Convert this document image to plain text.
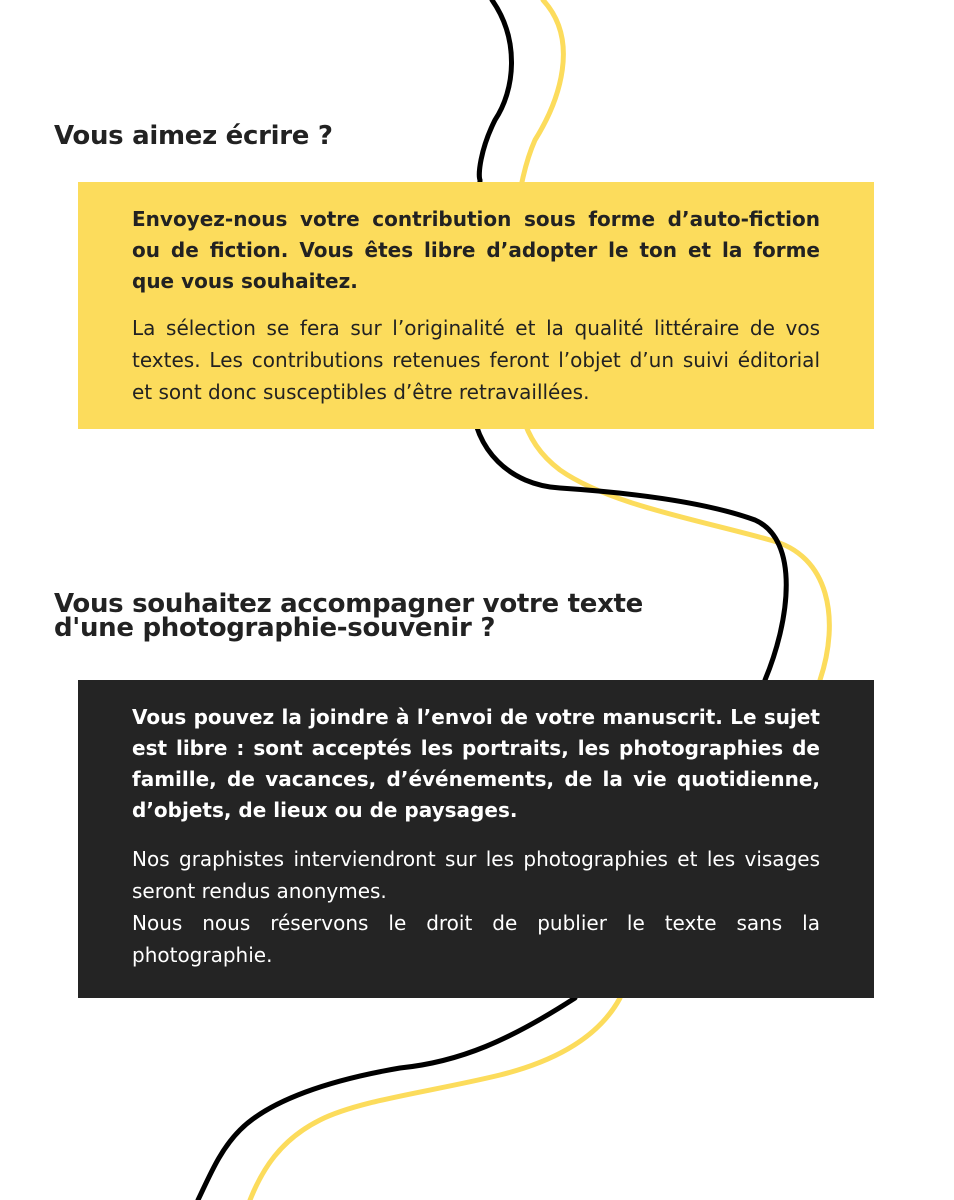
Vous aimez écrire ?

Envoyez-nous votre contribution sous forme d’auto-fiction ou de fiction. Vous êtes libre d’adopter le ton et la forme que vous souhaitez.

La sélection se fera sur l’originalité et la qualité littéraire de vos textes. Les contributions retenues feront l’objet d’un suivi éditorial et sont donc susceptibles d’être retravaillées.

Vous souhaitez accompagner votre texte
d'une photographie-souvenir ?

Vous pouvez la joindre à l’envoi de votre manuscrit. Le sujet est libre : sont acceptés les portraits, les photographies de famille, de vacances, d’événements, de la vie quotidienne, d’objets, de lieux ou de paysages.

Nos graphistes interviendront sur les photographies et les visages seront rendus anonymes.

Nous nous réservons le droit de publier le texte sans la photographie.
